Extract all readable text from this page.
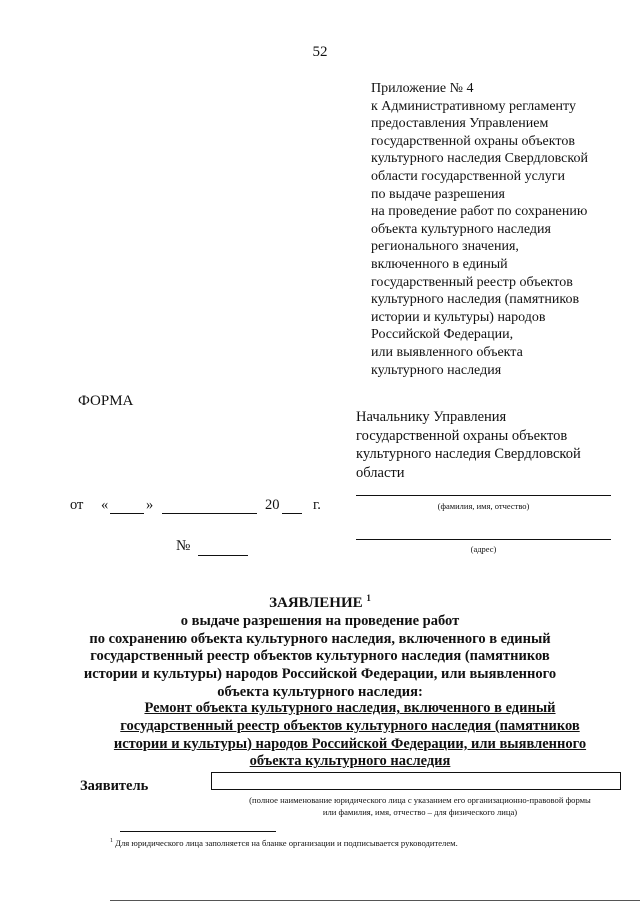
52
Приложение № 4
к Административному регламенту
предоставления Управлением
государственной охраны объектов
культурного наследия Свердловской
области государственной услуги
по выдаче разрешения
на проведение работ по сохранению
объекта культурного наследия
регионального значения,
включенного в единый
государственный реестр объектов
культурного наследия (памятников
истории и культуры) народов
Российской Федерации,
или выявленного объекта
культурного наследия
ФОРМА
Начальнику Управления
государственной охраны объектов
культурного наследия Свердловской
области
(фамилия, имя, отчество)
(адрес)
от «	»	20 г.
№
ЗАЯВЛЕНИЕ $^1$
о выдаче разрешения на проведение работ
по сохранению объекта культурного наследия, включенного в единый
государственный реестр объектов культурного наследия (памятников
истории и культуры) народов Российской Федерации, или выявленного
объекта культурного наследия:
Ремонт объекта культурного наследия, включенного в единый
государственный реестр объектов культурного наследия (памятников
истории и культуры) народов Российской Федерации, или выявленного
объекта культурного наследия
Заявитель
(полное наименование юридического лица с указанием его организационно-правовой формы
или фамилия, имя, отчество – для физического лица)
$^1$ Для юридического лица заполняется на бланке организации и подписывается руководителем.
